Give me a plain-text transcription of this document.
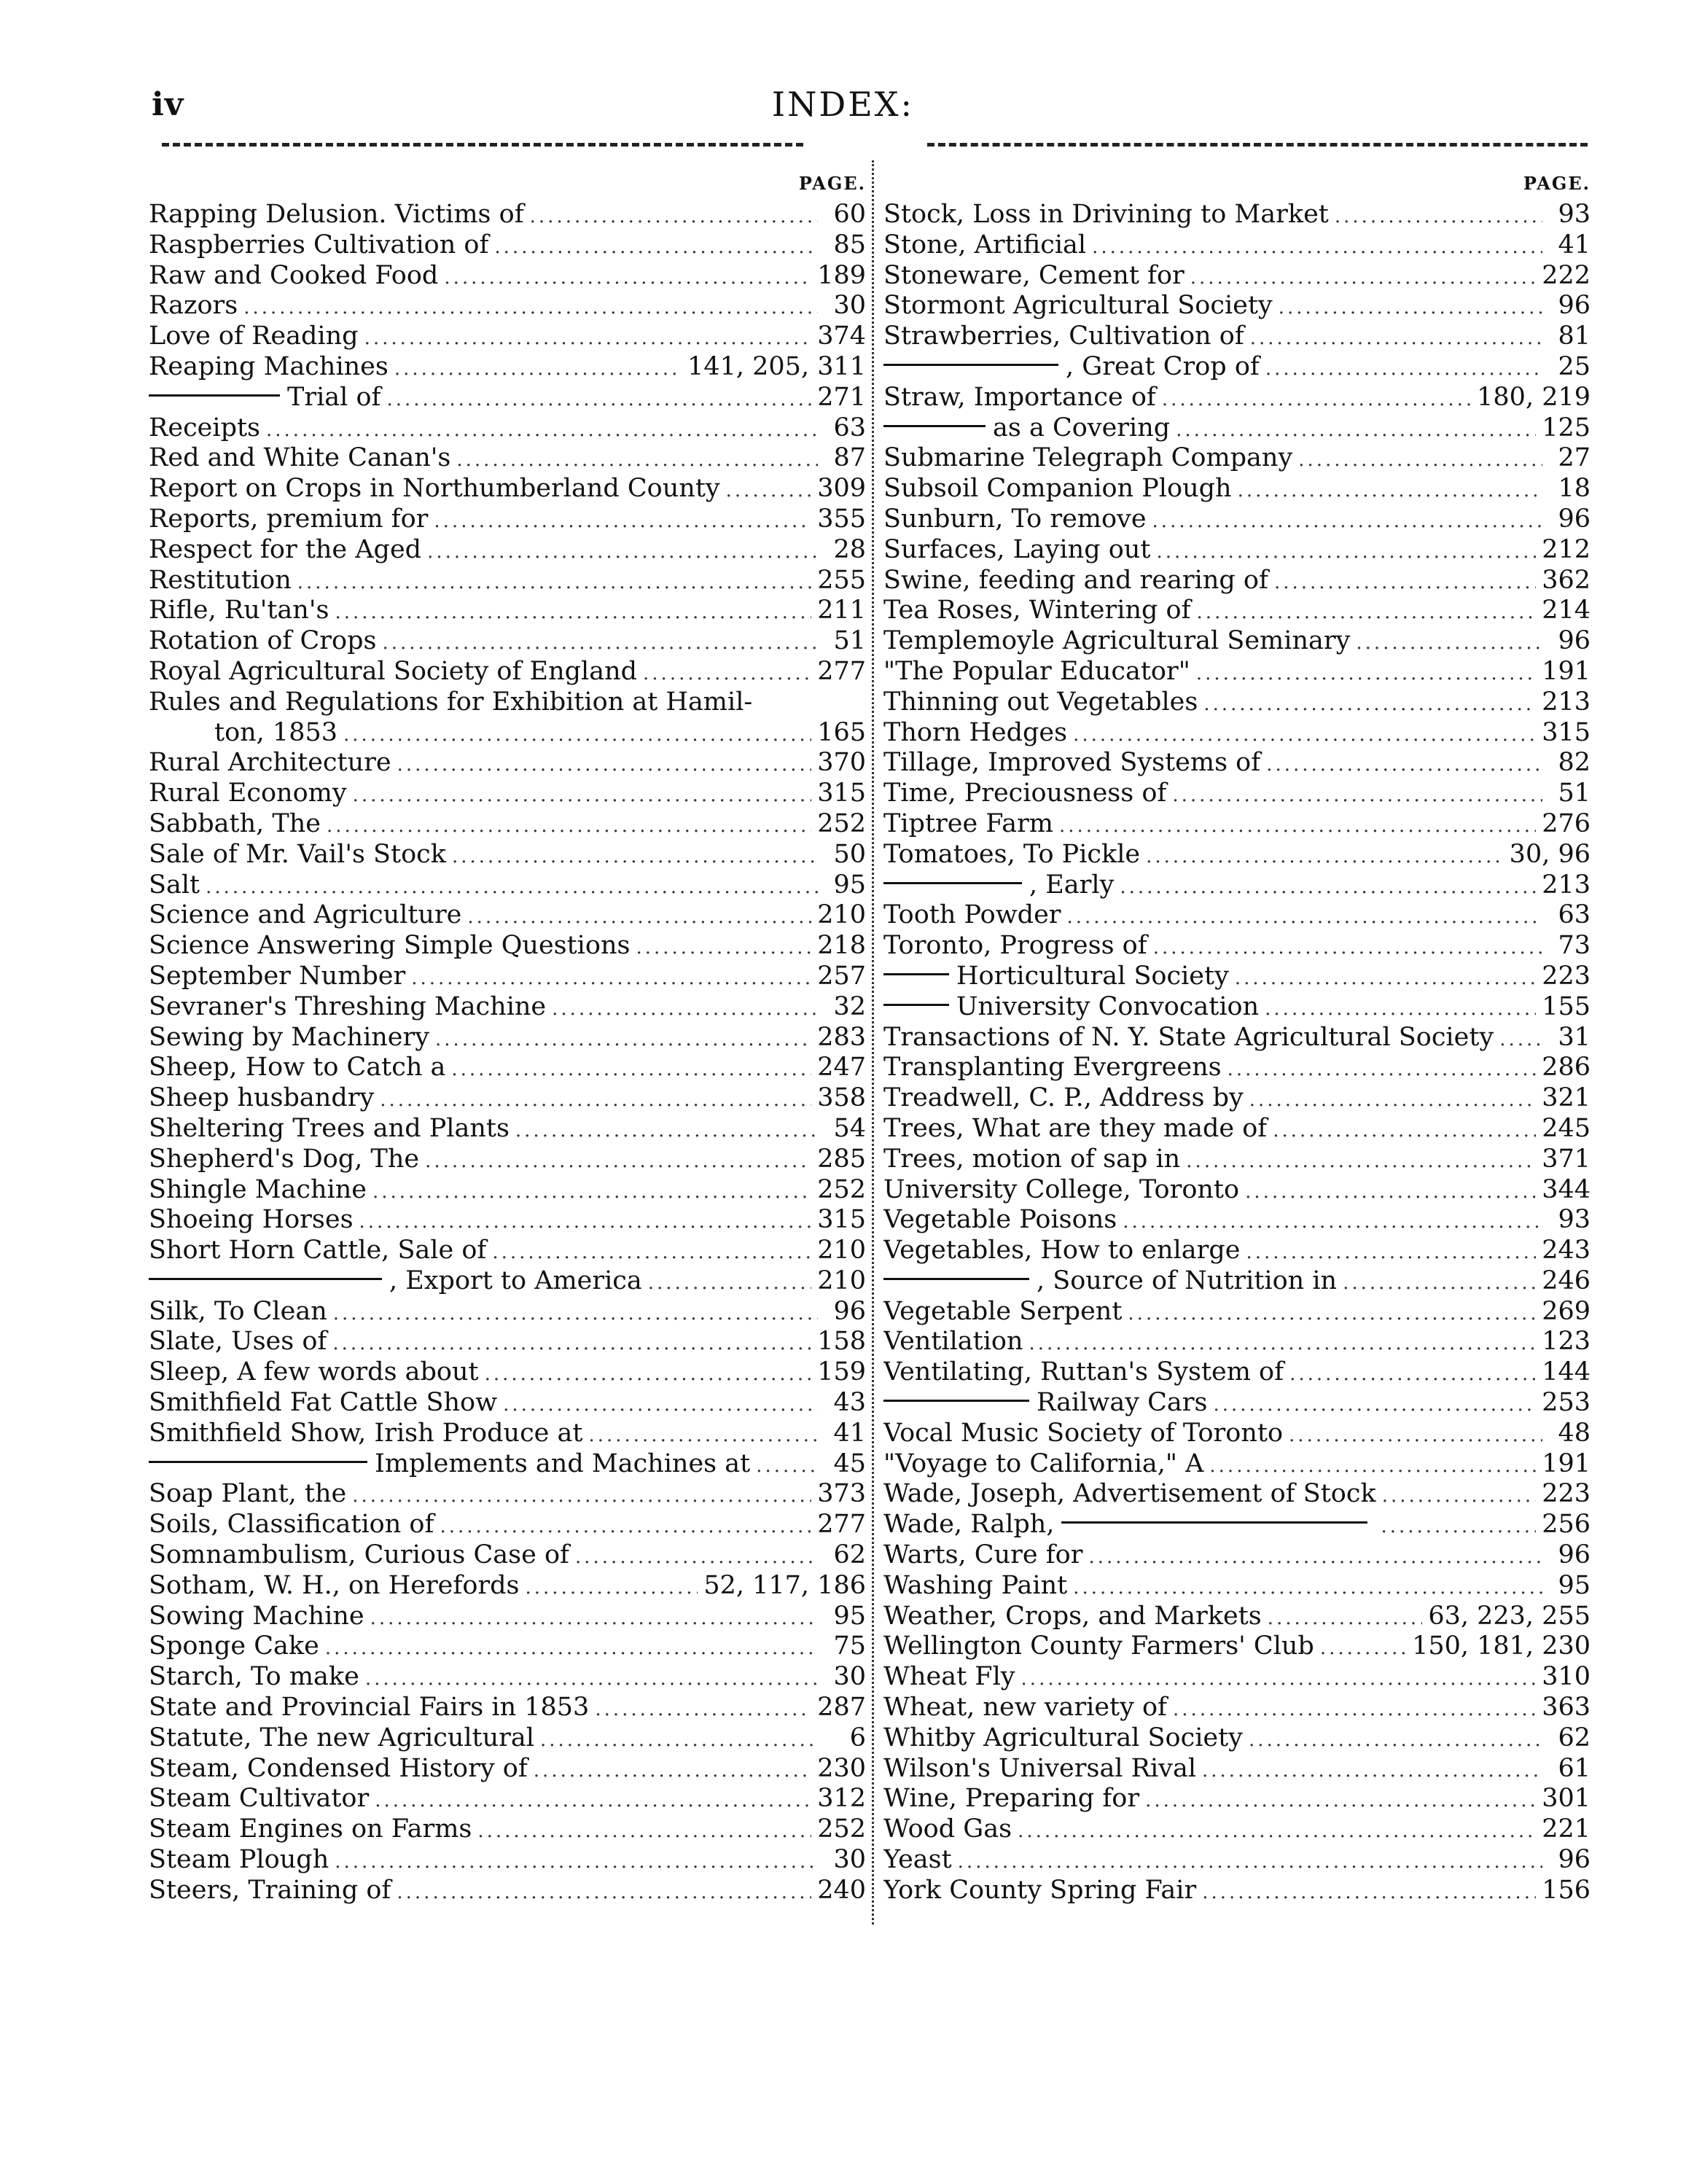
iv	INDEX:
PAGE.
Rapping Delusion. Victims of .....	60
Raspberries Cultivation of .....	85
Raw and Cooked Food .....	189
Razors .....	30
Love of Reading .....	374
Reaping Machines .....	141, 205, 311
Trial of .....	271
Receipts .....	63
Red and White Canan's .....	87
Report on Crops in Northumberland County .....	309
Reports, premium for .....	355
Respect for the Aged .....	28
Restitution .....	255
Rifle, Ru'tan's .....	211
Rotation of Crops .....	51
Royal Agricultural Society of England .....	277
Rules and Regulations for Exhibition at Hamil-
ton, 1853 .....	165
Rural Architecture .....	370
Rural Economy .....	315
Sabbath, The .....	252
Sale of Mr. Vail's Stock .....	50
Salt .....	95
Science and Agriculture .....	210
Science Answering Simple Questions .....	218
September Number .....	257
Sevraner's Threshing Machine .....	32
Sewing by Machinery .....	283
Sheep, How to Catch a .....	247
Sheep husbandry .....	358
Sheltering Trees and Plants .....	54
Shepherd's Dog, The .....	285
Shingle Machine .....	252
Shoeing Horses .....	315
Short Horn Cattle, Sale of .....	210
, Export to America .....	210
Silk, To Clean .....	96
Slate, Uses of .....	158
Sleep, A few words about .....	159
Smithfield Fat Cattle Show .....	43
Smithfield Show, Irish Produce at .....	41
Implements and Machines at .....	45
Soap Plant, the .....	373
Soils, Classification of .....	277
Somnambulism, Curious Case of .....	62
Sotham, W. H., on Herefords .....	52, 117, 186
Sowing Machine .....	95
Sponge Cake .....	75
Starch, To make .....	30
State and Provincial Fairs in 1853 .....	287
Statute, The new Agricultural .....	6
Steam, Condensed History of .....	230
Steam Cultivator .....	312
Steam Engines on Farms .....	252
Steam Plough .....	30
Steers, Training of .....	240
PAGE.
Stock, Loss in Drivining to Market .....	93
Stone, Artificial .....	41
Stoneware, Cement for .....	222
Stormont Agricultural Society .....	96
Strawberries, Cultivation of .....	81
, Great Crop of .....	25
Straw, Importance of .....	180, 219
as a Covering .....	125
Submarine Telegraph Company .....	27
Subsoil Companion Plough .....	18
Sunburn, To remove .....	96
Surfaces, Laying out .....	212
Swine, feeding and rearing of .....	362
Tea Roses, Wintering of .....	214
Templemoyle Agricultural Seminary .....	96
"The Popular Educator" .....	191
Thinning out Vegetables .....	213
Thorn Hedges .....	315
Tillage, Improved Systems of .....	82
Time, Preciousness of .....	51
Tiptree Farm .....	276
Tomatoes, To Pickle .....	30, 96
, Early .....	213
Tooth Powder .....	63
Toronto, Progress of .....	73
Horticultural Society .....	223
University Convocation .....	155
Transactions of N. Y. State Agricultural Society .....	31
Transplanting Evergreens .....	286
Treadwell, C. P., Address by .....	321
Trees, What are they made of .....	245
Trees, motion of sap in .....	371
University College, Toronto .....	344
Vegetable Poisons .....	93
Vegetables, How to enlarge .....	243
, Source of Nutrition in .....	246
Vegetable Serpent .....	269
Ventilation .....	123
Ventilating, Ruttan's System of .....	144
Railway Cars .....	253
Vocal Music Society of Toronto .....	48
"Voyage to California," A .....	191
Wade, Joseph, Advertisement of Stock .....	223
Wade, Ralph, .....	256
Warts, Cure for .....	96
Washing Paint .....	95
Weather, Crops, and Markets .....	63, 223, 255
Wellington County Farmers' Club .....	150, 181, 230
Wheat Fly .....	310
Wheat, new variety of .....	363
Whitby Agricultural Society .....	62
Wilson's Universal Rival .....	61
Wine, Preparing for .....	301
Wood Gas .....	221
Yeast .....	96
York County Spring Fair .....	156
